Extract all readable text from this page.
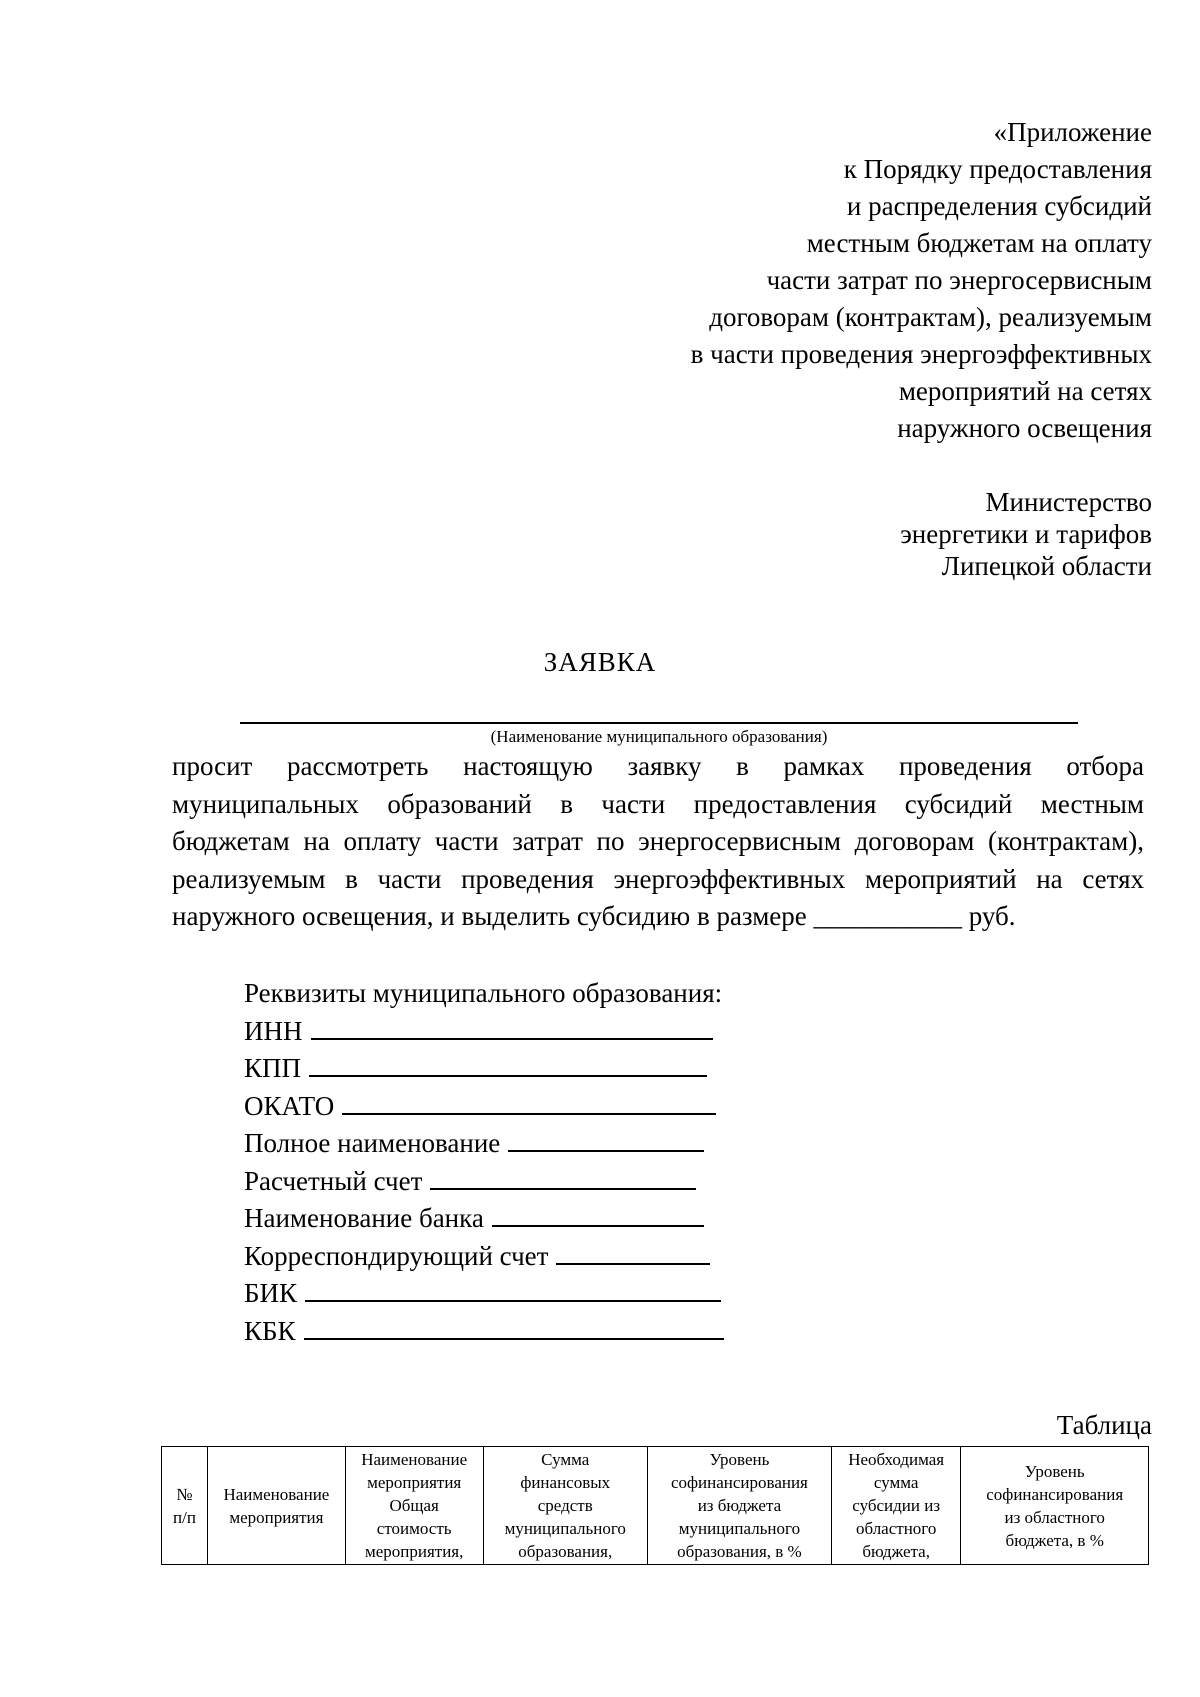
«Приложение
к Порядку предоставления
и распределения субсидий
местным бюджетам на оплату
части затрат по энергосервисным
договорам (контрактам), реализуемым
в части проведения энергоэффективных
мероприятий на сетях
наружного освещения
Министерство
энергетики и тарифов
Липецкой области
ЗАЯВКА
(Наименование муниципального образования)
просит рассмотреть настоящую заявку в рамках проведения отбора
муниципальных образований в части предоставления субсидий местным
бюджетам на оплату части затрат по энергосервисным договорам (контрактам),
реализуемым в части проведения энергоэффективных мероприятий на сетях
наружного освещения, и выделить субсидию в размере ___________ руб.
Реквизиты муниципального образования:
ИНН
КПП
ОКАТО
Полное наименование
Расчетный счет
Наименование банка
Корреспондирующий счет
БИК
КБК
Таблица
№
п/п	Наименование
мероприятия	Наименование
мероприятия
Общая
стоимость
мероприятия,	Сумма
финансовых
средств
муниципального
образования,	Уровень
софинансирования
из бюджета
муниципального
образования, в %	Необходимая
сумма
субсидии из
областного
бюджета,	Уровень
софинансирования
из областного
бюджета, в %
